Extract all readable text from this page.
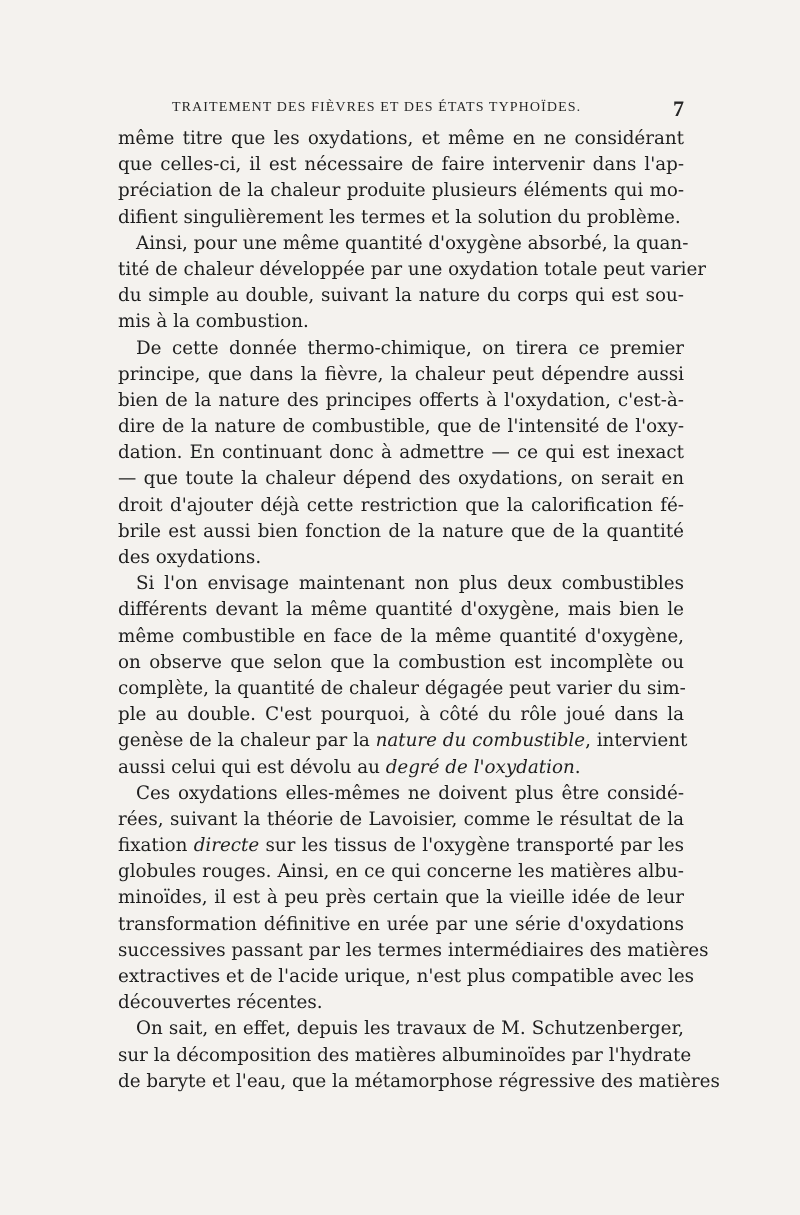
TRAITEMENT DES FIÈVRES ET DES ÉTATS TYPHOÏDES.	7
même titre que les oxydations, et même en ne considérant
que celles-ci, il est nécessaire de faire intervenir dans l'ap-
préciation de la chaleur produite plusieurs éléments qui mo-
difient singulièrement les termes et la solution du problème.
Ainsi, pour une même quantité d'oxygène absorbé, la quan-
tité de chaleur développée par une oxydation totale peut varier
du simple au double, suivant la nature du corps qui est sou-
mis à la combustion.
De cette donnée thermo-chimique, on tirera ce premier
principe, que dans la fièvre, la chaleur peut dépendre aussi
bien de la nature des principes offerts à l'oxydation, c'est-à-
dire de la nature de combustible, que de l'intensité de l'oxy-
dation. En continuant donc à admettre — ce qui est inexact
— que toute la chaleur dépend des oxydations, on serait en
droit d'ajouter déjà cette restriction que la calorification fé-
brile est aussi bien fonction de la nature que de la quantité
des oxydations.
Si l'on envisage maintenant non plus deux combustibles
différents devant la même quantité d'oxygène, mais bien le
même combustible en face de la même quantité d'oxygène,
on observe que selon que la combustion est incomplète ou
complète, la quantité de chaleur dégagée peut varier du sim-
ple au double. C'est pourquoi, à côté du rôle joué dans la
genèse de la chaleur par la nature du combustible, intervient
aussi celui qui est dévolu au degré de l'oxydation.
Ces oxydations elles-mêmes ne doivent plus être considé-
rées, suivant la théorie de Lavoisier, comme le résultat de la
fixation directe sur les tissus de l'oxygène transporté par les
globules rouges. Ainsi, en ce qui concerne les matières albu-
minoïdes, il est à peu près certain que la vieille idée de leur
transformation définitive en urée par une série d'oxydations
successives passant par les termes intermédiaires des matières
extractives et de l'acide urique, n'est plus compatible avec les
découvertes récentes.
On sait, en effet, depuis les travaux de M. Schutzenberger,
sur la décomposition des matières albuminoïdes par l'hydrate
de baryte et l'eau, que la métamorphose régressive des matières
